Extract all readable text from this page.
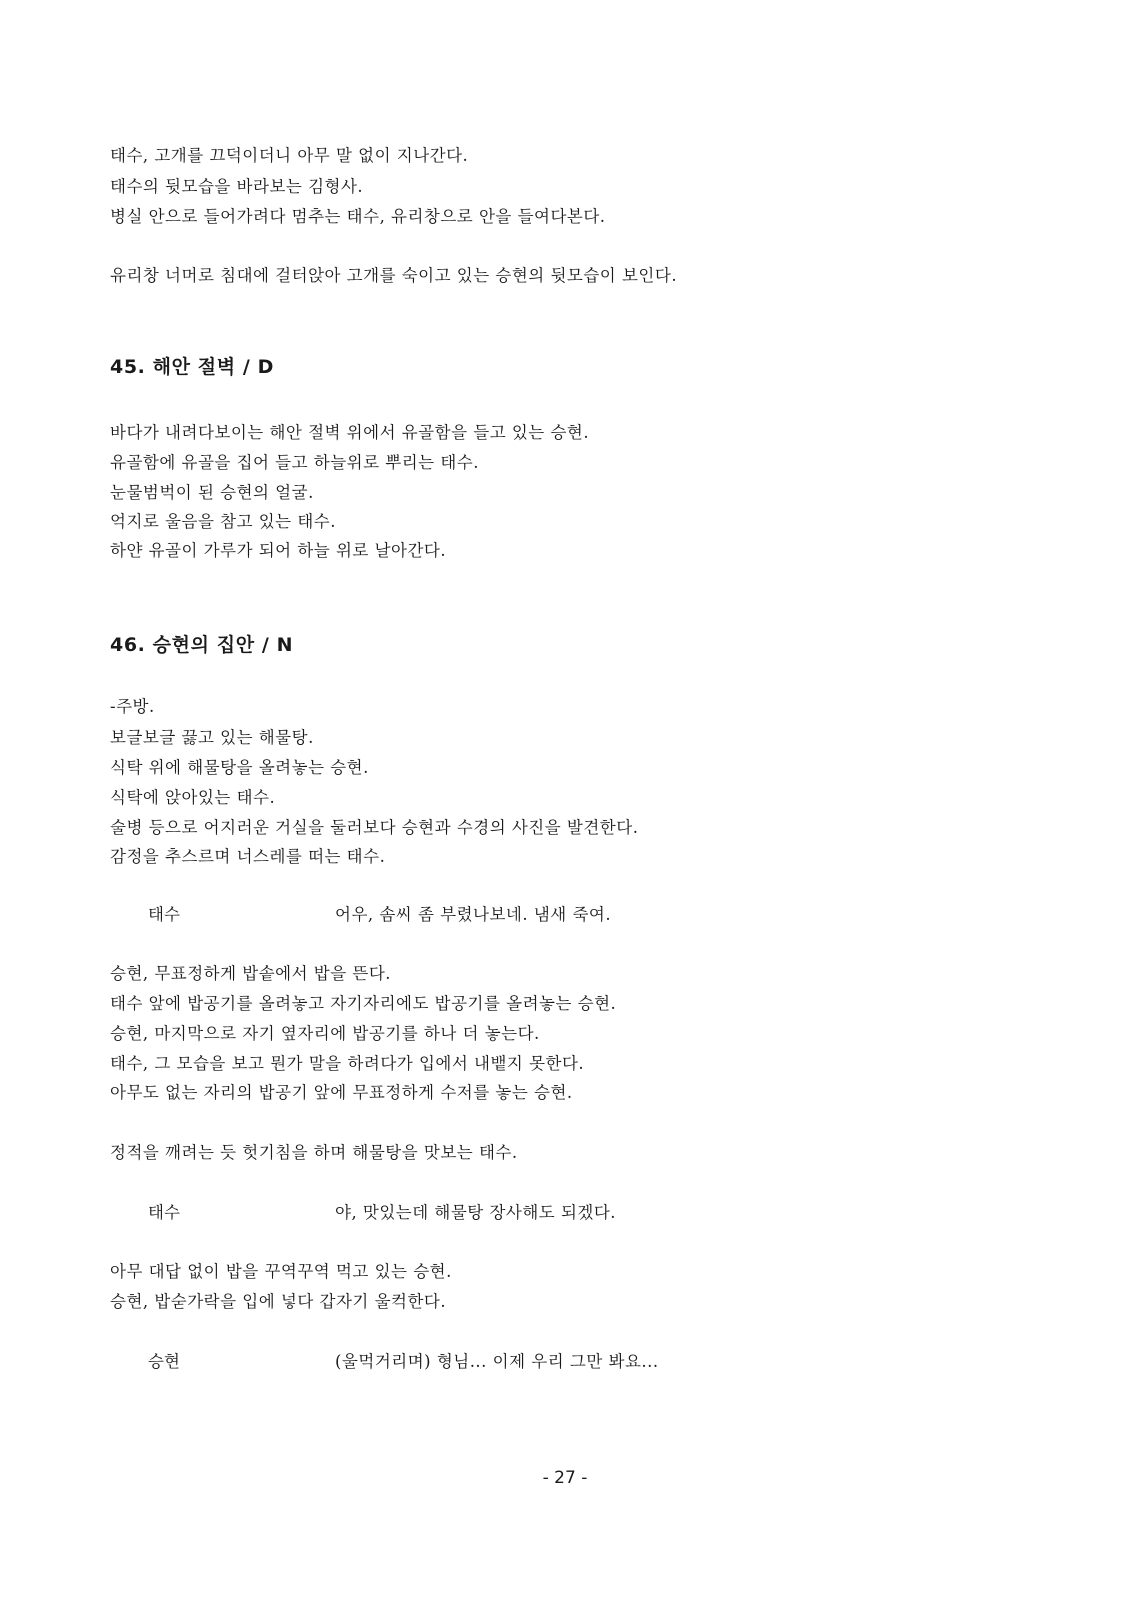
태수, 고개를 끄덕이더니 아무 말 없이 지나간다.
태수의 뒷모습을 바라보는 김형사.
병실 안으로 들어가려다 멈추는 태수, 유리창으로 안을 들여다본다.
유리창 너머로 침대에 걸터앉아 고개를 숙이고 있는 승현의 뒷모습이 보인다.
45. 해안 절벽 / D
바다가 내려다보이는 해안 절벽 위에서 유골함을 들고 있는 승현.
유골함에 유골을 집어 들고 하늘위로 뿌리는 태수.
눈물범벅이 된 승현의 얼굴.
억지로 울음을 참고 있는 태수.
하얀 유골이 가루가 되어 하늘 위로 날아간다.
46. 승현의 집안 / N
-주방.
보글보글 끓고 있는 해물탕.
식탁 위에 해물탕을 올려놓는 승현.
식탁에 앉아있는 태수.
술병 등으로 어지러운 거실을 둘러보다 승현과 수경의 사진을 발견한다.
감정을 추스르며 너스레를 떠는 태수.
태수	어우, 솜씨 좀 부렸나보네. 냄새 죽여.
승현, 무표정하게 밥솥에서 밥을 뜬다.
태수 앞에 밥공기를 올려놓고 자기자리에도 밥공기를 올려놓는 승현.
승현, 마지막으로 자기 옆자리에 밥공기를 하나 더 놓는다.
태수, 그 모습을 보고 뭔가 말을 하려다가 입에서 내뱉지 못한다.
아무도 없는 자리의 밥공기 앞에 무표정하게 수저를 놓는 승현.
정적을 깨려는 듯 헛기침을 하며 해물탕을 맛보는 태수.
태수	야, 맛있는데 해물탕 장사해도 되겠다.
아무 대답 없이 밥을 꾸역꾸역 먹고 있는 승현.
승현, 밥숟가락을 입에 넣다 갑자기 울컥한다.
승현	(울먹거리며) 형님... 이제 우리 그만 봐요...
- 27 -
